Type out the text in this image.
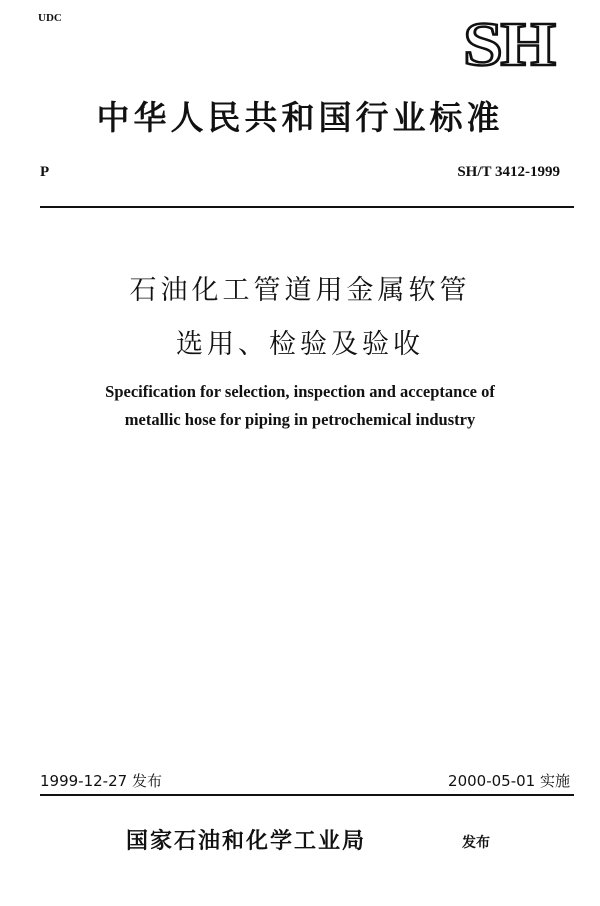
UDC	SH
中华人民共和国行业标准
P	SH/T 3412-1999
石油化工管道用金属软管
选用、检验及验收
Specification for selection, inspection and acceptance of
metallic hose for piping in petrochemical industry
1999-12-27 发布	2000-05-01 实施
国家石油和化学工业局	发布
